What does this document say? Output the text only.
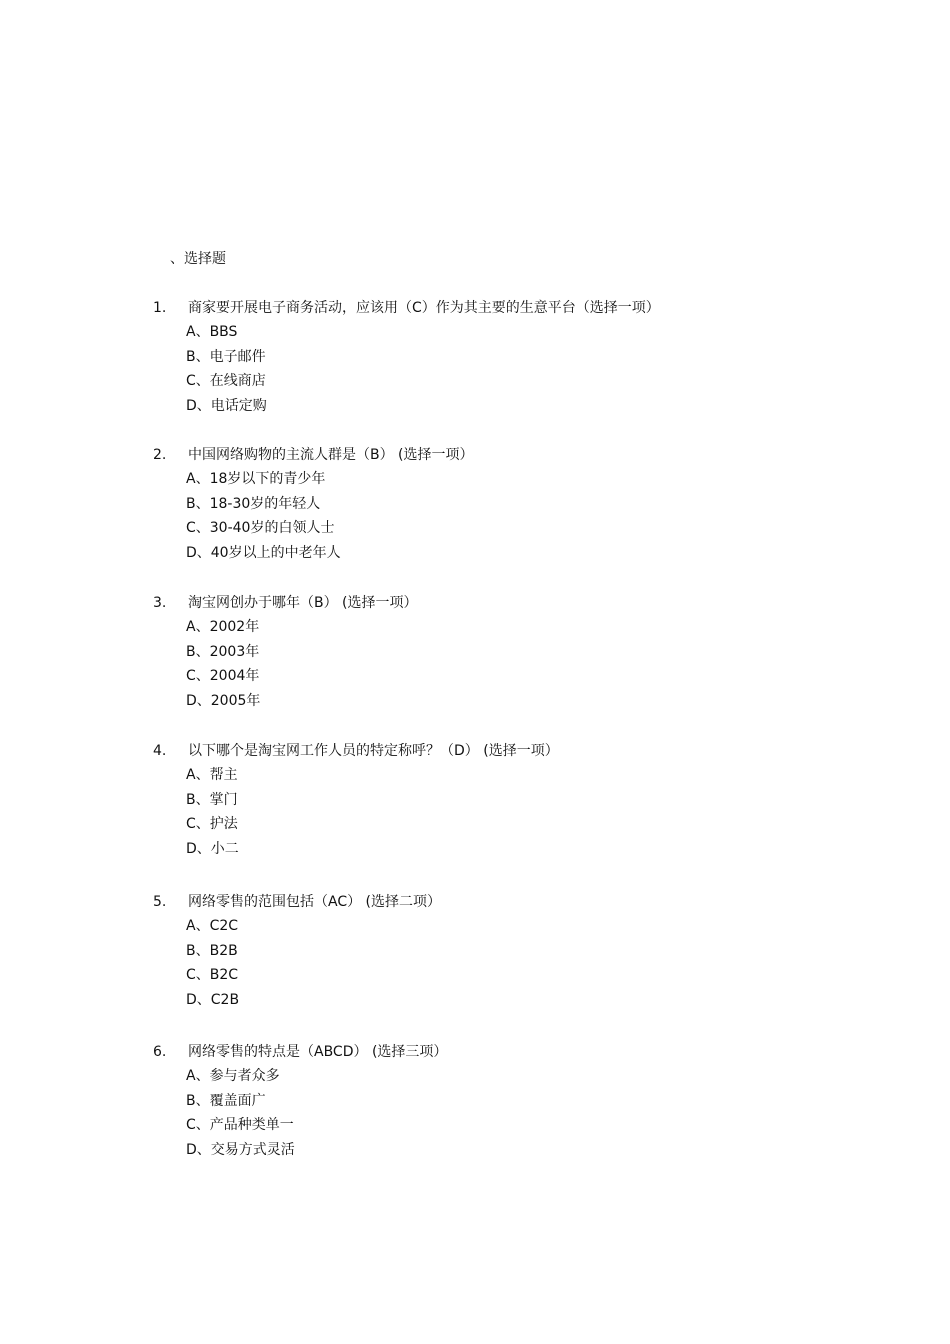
、选择题
1. 商家要开展电子商务活动，应该用（C）作为其主要的生意平台（选择一项）
A、BBS
B、电子邮件
C、在线商店
D、电话定购
2. 中国网络购物的主流人群是（B） (选择一项）
A、18岁以下的青少年
B、18-30岁的年轻人
C、30-40岁的白领人士
D、40岁以上的中老年人
3. 淘宝网创办于哪年（B） (选择一项）
A、2002年
B、2003年
C、2004年
D、2005年
4. 以下哪个是淘宝网工作人员的特定称呼？（D） (选择一项）
A、帮主
B、掌门
C、护法
D、小二
5. 网络零售的范围包括（AC） (选择二项）
A、C2C
B、B2B
C、B2C
D、C2B
6. 网络零售的特点是（ABCD） (选择三项）
A、参与者众多
B、覆盖面广
C、产品种类单一
D、交易方式灵活
